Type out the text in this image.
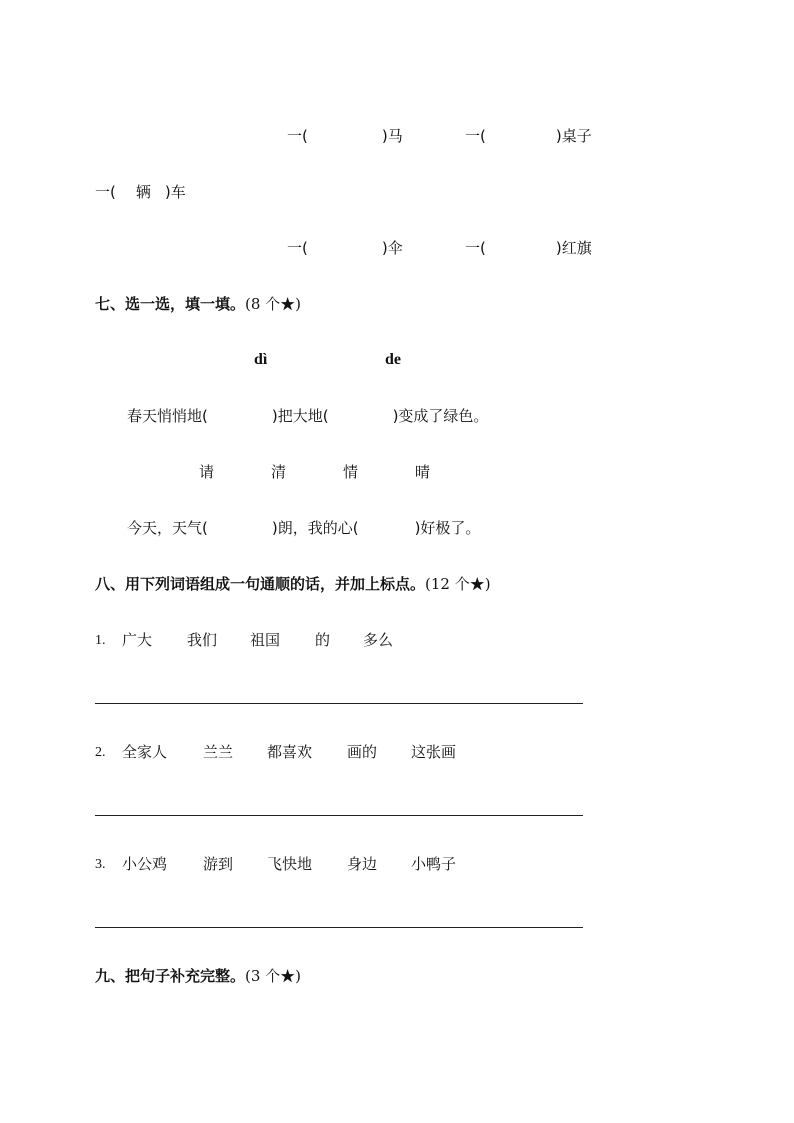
一(	)马	一(	)桌子
一( 辆 )车
一(	)伞	一(	)红旗
七、选一选，填一填。(8 个★)
dì	de
春天悄悄地(	)把大地(	)变成了绿色。
请	清	情	晴
今天，天气(	)朗，我的心(	)好极了。
八、用下列词语组成一句通顺的话，并加上标点。(12 个★)
1. 广大 我们 祖国 的 多么
2. 全家人 兰兰 都喜欢 画的 这张画
3. 小公鸡 游到 飞快地 身边 小鸭子
九、把句子补充完整。(3 个★)
